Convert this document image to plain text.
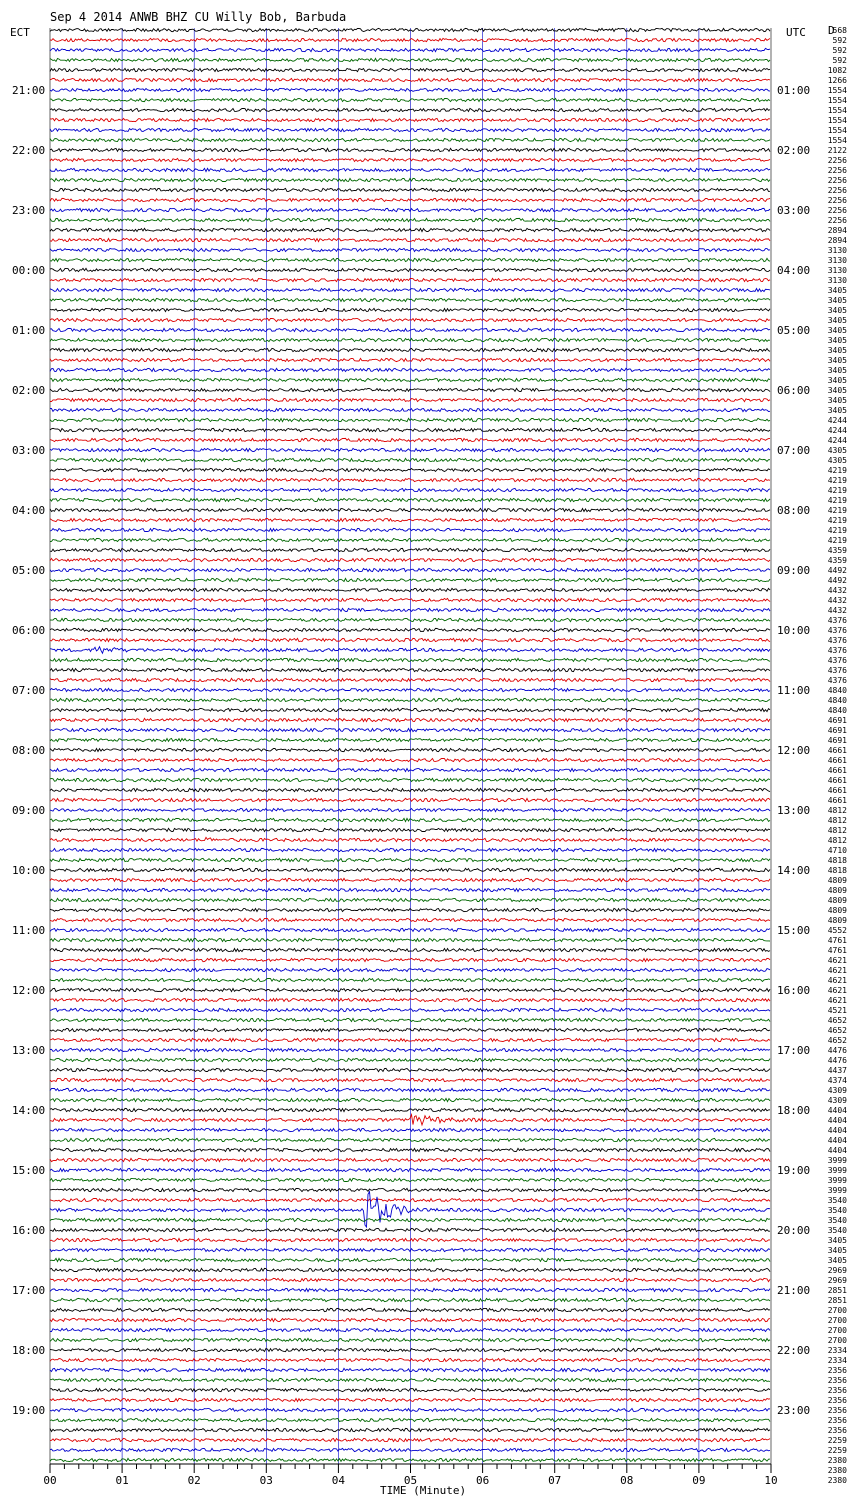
Sep 4 2014 ANWB BHZ CU Willy Bob, Barbuda
ECT	UTC D
TIME (Minute)
21:00
22:00
23:00
00:00
01:00
02:00
03:00
04:00
05:00
06:00
07:00
08:00
09:00
10:00
11:00
12:00
13:00
14:00
15:00
16:00
17:00
18:00
19:00
01:00
02:00
03:00
04:00
05:00
06:00
07:00
08:00
09:00
10:00
11:00
12:00
13:00
14:00
15:00
16:00
17:00
18:00
19:00
20:00
21:00
22:00
23:00
568
592
592
592
1082
1266
1554
1554
1554
1554
1554
1554
2122
2256
2256
2256
2256
2256
2256
2256
2894
2894
3130
3130
3130
3130
3405
3405
3405
3405
3405
3405
3405
3405
3405
3405
3405
3405
3405
4244
4244
4244
4305
4305
4219
4219
4219
4219
4219
4219
4219
4219
4359
4359
4492
4492
4432
4432
4432
4376
4376
4376
4376
4376
4376
4376
4840
4840
4840
4691
4691
4691
4661
4661
4661
4661
4661
4661
4812
4812
4812
4812
4710
4818
4818
4809
4809
4809
4809
4809
4552
4761
4761
4621
4621
4621
4621
4621
4521
4652
4652
4652
4476
4476
4437
4374
4309
4309
4404
4404
4404
4404
4404
3999
3999
3999
3999
3540
3540
3540
3540
3405
3405
3405
2969
2969
2851
2851
2700
2700
2700
2700
2334
2334
2356
2356
2356
2356
2356
2356
2356
2259
2259
2380
2380
2380
00	01	02	03	04	05	06	07	08	09	10
